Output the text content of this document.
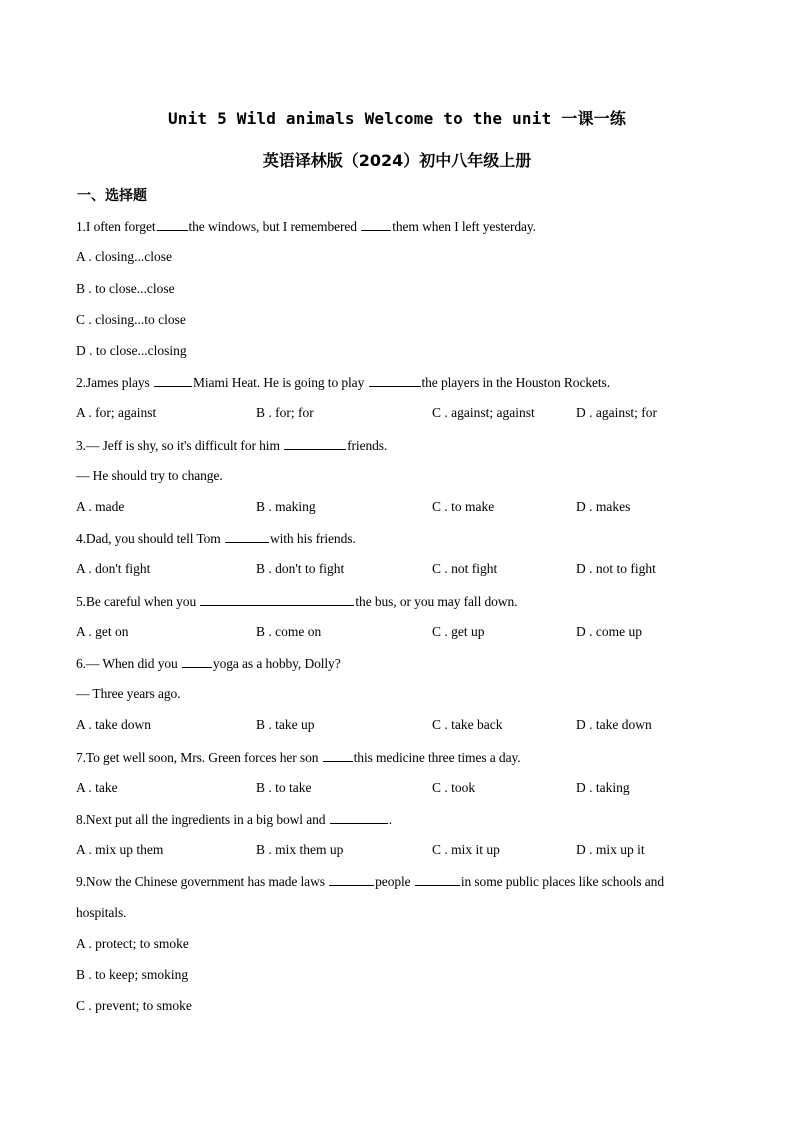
Unit 5 Wild animals Welcome to the unit 一课一练
英语译林版（2024）初中八年级上册
一、选择题
1.I often forget the windows, but I remembered them when I left yesterday.
A . closing...close
B . to close...close
C . closing...to close
D . to close...closing
2.James plays	Miami Heat. He is going to play	the players in the Houston Rockets.
A . for; against	B . for; for	C . against; against	D . against; for
3.— Jeff is shy, so it's difficult for him	friends.
— He should try to change.
A . made	B . making	C . to make	D . makes
4.Dad, you should tell Tom	with his friends.
A . don't fight	B . don't to fight	C . not fight	D . not to fight
5.Be careful when you	the bus, or you may fall down.
A . get on	B . come on	C . get up	D . come up
6.— When did you yoga as a hobby, Dolly?
— Three years ago.
A . take down	B . take up	C . take back	D . take down
7.To get well soon, Mrs. Green forces her son this medicine three times a day.
A . take	B . to take	C . took	D . taking
8.Next put all the ingredients in a big bowl and	.
A . mix up them	B . mix them up	C . mix it up	D . mix up it
9.Now the Chinese government has made laws	people	in some public places like schools and
hospitals.
A . protect; to smoke
B . to keep; smoking
C . prevent; to smoke
